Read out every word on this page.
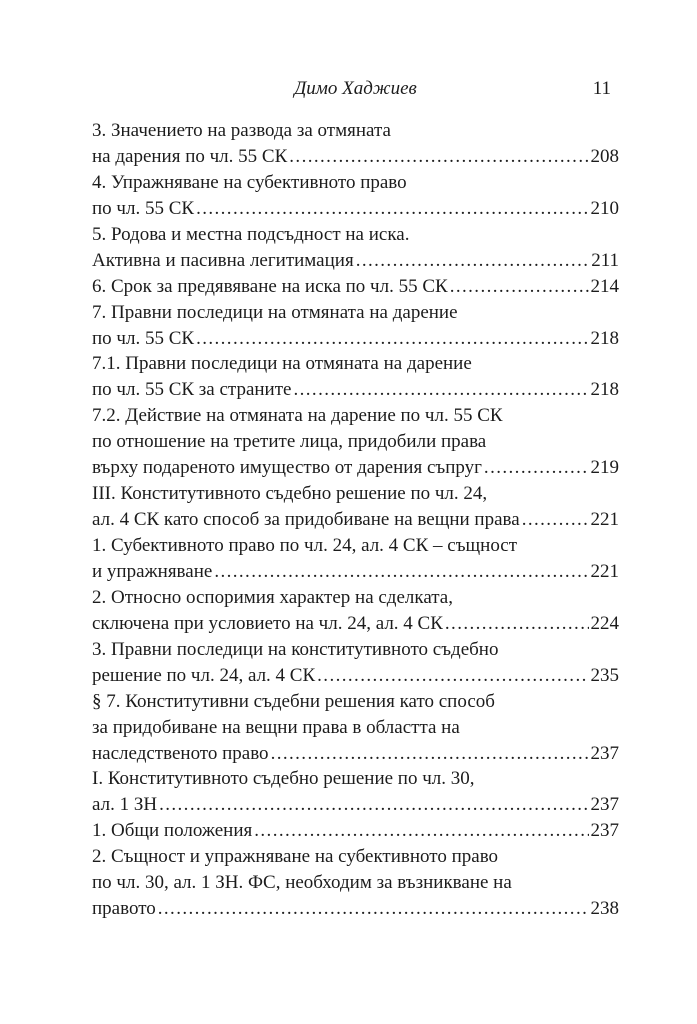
Димо Хаджиев	11
3. Значението на развода за отмяната
на дарения по чл. 55 СК .....	208
4. Упражняване на субективното право
по чл. 55 СК .....	210
5. Родова и местна подсъдност на иска.
Активна и пасивна легитимация .....	211
6. Срок за предявяване на иска по чл. 55 СК .....	214
7. Правни последици на отмяната на дарение
по чл. 55 СК .....	218
7.1. Правни последици на отмяната на дарение
по чл. 55 СК за страните .....	218
7.2. Действие на отмяната на дарение по чл. 55 СК
по отношение на третите лица, придобили права
върху подареното имущество от дарения съпруг .....	219
III. Конститутивното съдебно решение по чл. 24,
ал. 4 СК като способ за придобиване на вещни права .....	221
1. Субективното право по чл. 24, ал. 4 СК – същност
и упражняване .....	221
2. Относно оспоримия характер на сделката,
сключена при условието на чл. 24, ал. 4 СК .....	224
3. Правни последици на конститутивното съдебно
решение по чл. 24, ал. 4 СК .....	235
§ 7. Конститутивни съдебни решения като способ
за придобиване на вещни права в областта на
наследственото право .....	237
I. Конститутивното съдебно решение по чл. 30,
ал. 1 ЗН .....	237
1. Общи положения .....	237
2. Същност и упражняване на субективното право
по чл. 30, ал. 1 ЗН. ФС, необходим за възникване на
правото .....	238
